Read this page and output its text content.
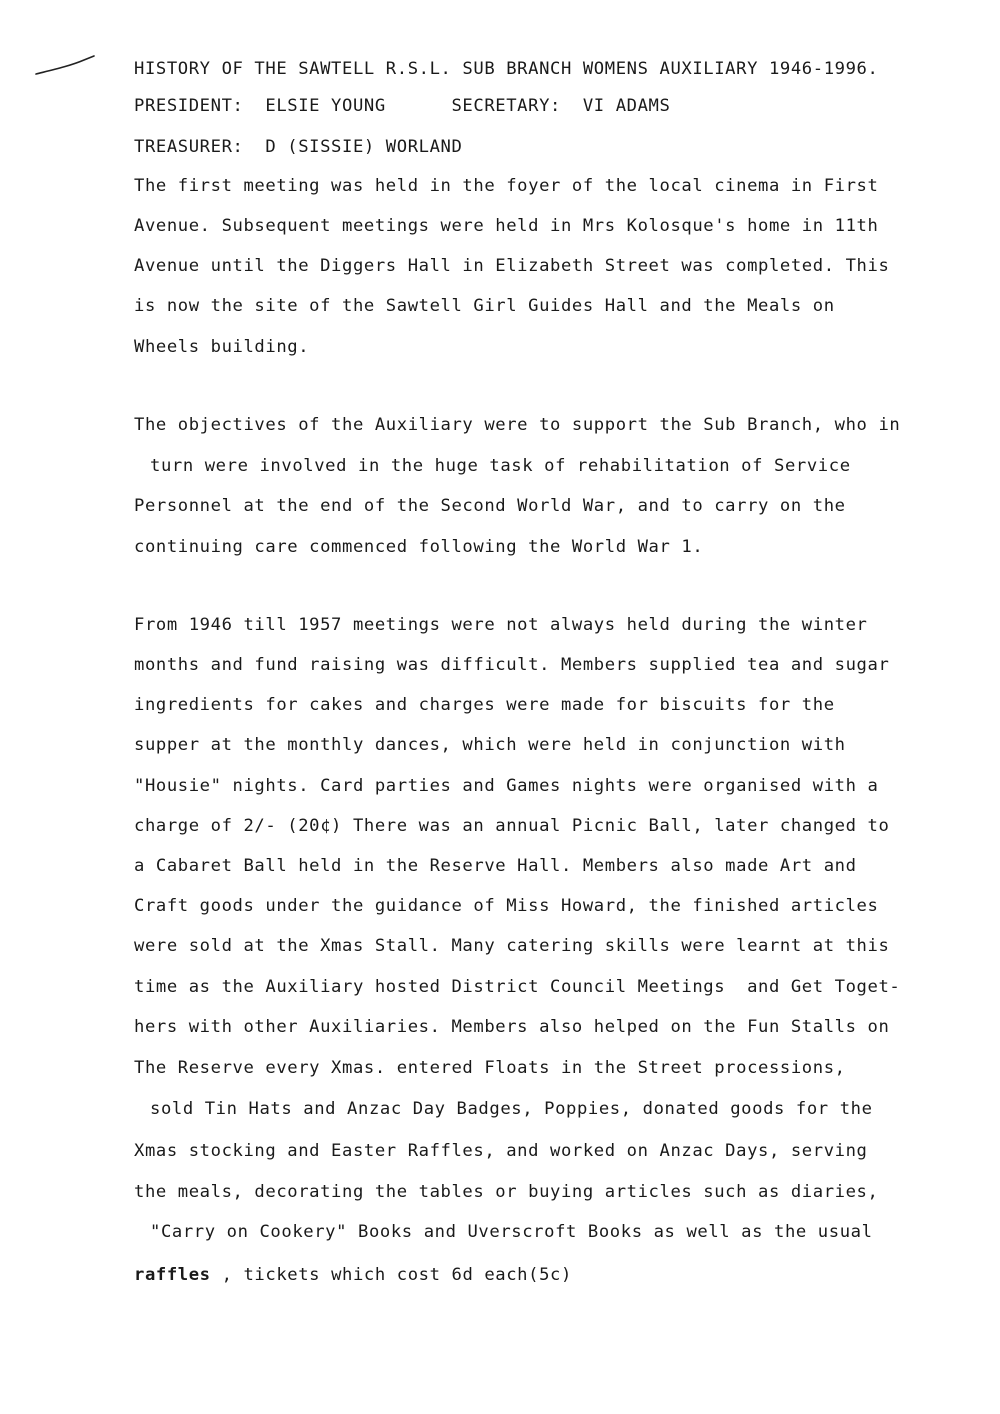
HISTORY OF THE SAWTELL R.S.L. SUB BRANCH WOMENS AUXILIARY 1946-1996.
PRESIDENT:  ELSIE YOUNG      SECRETARY:  VI ADAMS
TREASURER:  D (SISSIE) WORLAND
The first meeting was held in the foyer of the local cinema in First
Avenue. Subsequent meetings were held in Mrs Kolosque's home in 11th
Avenue until the Diggers Hall in Elizabeth Street was completed. This
is now the site of the Sawtell Girl Guides Hall and the Meals on
Wheels building.
The objectives of the Auxiliary were to support the Sub Branch, who in
turn were involved in the huge task of rehabilitation of Service
Personnel at the end of the Second World War, and to carry on the
continuing care commenced following the World War 1.
From 1946 till 1957 meetings were not always held during the winter
months and fund raising was difficult. Members supplied tea and sugar
ingredients for cakes and charges were made for biscuits for the
supper at the monthly dances, which were held in conjunction with
"Housie" nights. Card parties and Games nights were organised with a
charge of 2/- (20¢) There was an annual Picnic Ball, later changed to
a Cabaret Ball held in the Reserve Hall. Members also made Art and
Craft goods under the guidance of Miss Howard, the finished articles
were sold at the Xmas Stall. Many catering skills were learnt at this
time as the Auxiliary hosted District Council Meetings  and Get Toget-
hers with other Auxiliaries. Members also helped on the Fun Stalls on
The Reserve every Xmas. entered Floats in the Street processions,
sold Tin Hats and Anzac Day Badges, Poppies, donated goods for the
Xmas stocking and Easter Raffles, and worked on Anzac Days, serving
the meals, decorating the tables or buying articles such as diaries,
"Carry on Cookery" Books and Uverscroft Books as well as the usual
raffles , tickets which cost 6d each(5c)
